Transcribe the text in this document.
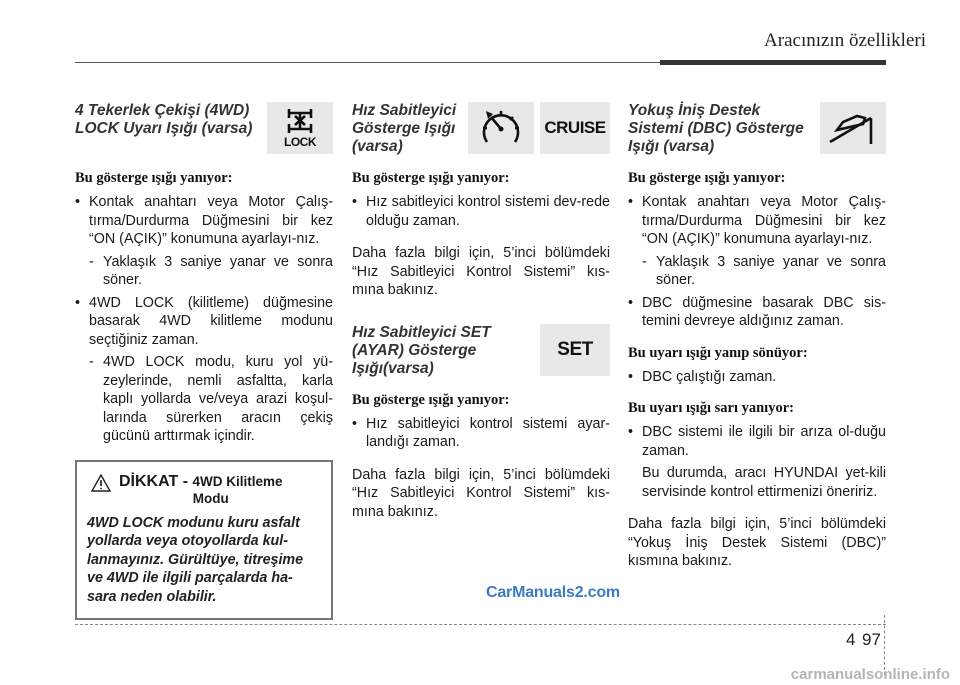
Aracınızın özellikleri
4 Tekerlek Çekişi (4WD) LOCK Uyarı Işığı (varsa)
LOCK
Bu gösterge ışığı yanıyor:
• Kontak anahtarı veya Motor Çalış-tırma/Durdurma Düğmesini bir kez “ON (AÇIK)” konumuna ayarlayı-nız.
- Yaklaşık 3 saniye yanar ve sonra söner.
• 4WD LOCK (kilitleme) düğmesine basarak 4WD kilitleme modunu seçtiğiniz zaman.
- 4WD LOCK modu, kuru yol yü-zeylerinde, nemli asfaltta, karla kaplı yollarda ve/veya arazi koşul-larında sürerken aracın çekiş gücünü arttırmak içindir.
DİKKAT - 4WD Kilitleme
Modu
4WD LOCK modunu kuru asfalt yollarda veya otoyollarda kul-lanmayınız. Gürültüye, titreşime ve 4WD ile ilgili parçalarda ha-sara neden olabilir.
Hız Sabitleyici Gösterge Işığı (varsa)
CRUISE
Bu gösterge ışığı yanıyor:
• Hız sabitleyici kontrol sistemi dev-rede olduğu zaman.
Daha fazla bilgi için, 5’inci bölümdeki “Hız Sabitleyici Kontrol Sistemi” kıs-mına bakınız.
Hız Sabitleyici SET (AYAR) Gösterge Işığı(varsa)
SET
Bu gösterge ışığı yanıyor:
• Hız sabitleyici kontrol sistemi ayar-landığı zaman.
Daha fazla bilgi için, 5’inci bölümdeki “Hız Sabitleyici Kontrol Sistemi” kıs-mına bakınız.
Yokuş İniş Destek Sistemi (DBC) Gösterge Işığı (varsa)
Bu gösterge ışığı yanıyor:
• Kontak anahtarı veya Motor Çalış-tırma/Durdurma Düğmesini bir kez “ON (AÇIK)” konumuna ayarlayı-nız.
- Yaklaşık 3 saniye yanar ve sonra söner.
• DBC düğmesine basarak DBC sis-temini devreye aldığınız zaman.
Bu uyarı ışığı yanıp sönüyor:
• DBC çalıştığı zaman.
Bu uyarı ışığı sarı yanıyor:
• DBC sistemi ile ilgili bir arıza ol-duğu zaman.
Bu durumda, aracı HYUNDAI yet-kili servisinde kontrol ettirmenizi öneririz.
Daha fazla bilgi için, 5’inci bölümdeki “Yokuş İniş Destek Sistemi (DBC)” kısmına bakınız.
CarManuals2.com
4 97
carmanualsonline.info
